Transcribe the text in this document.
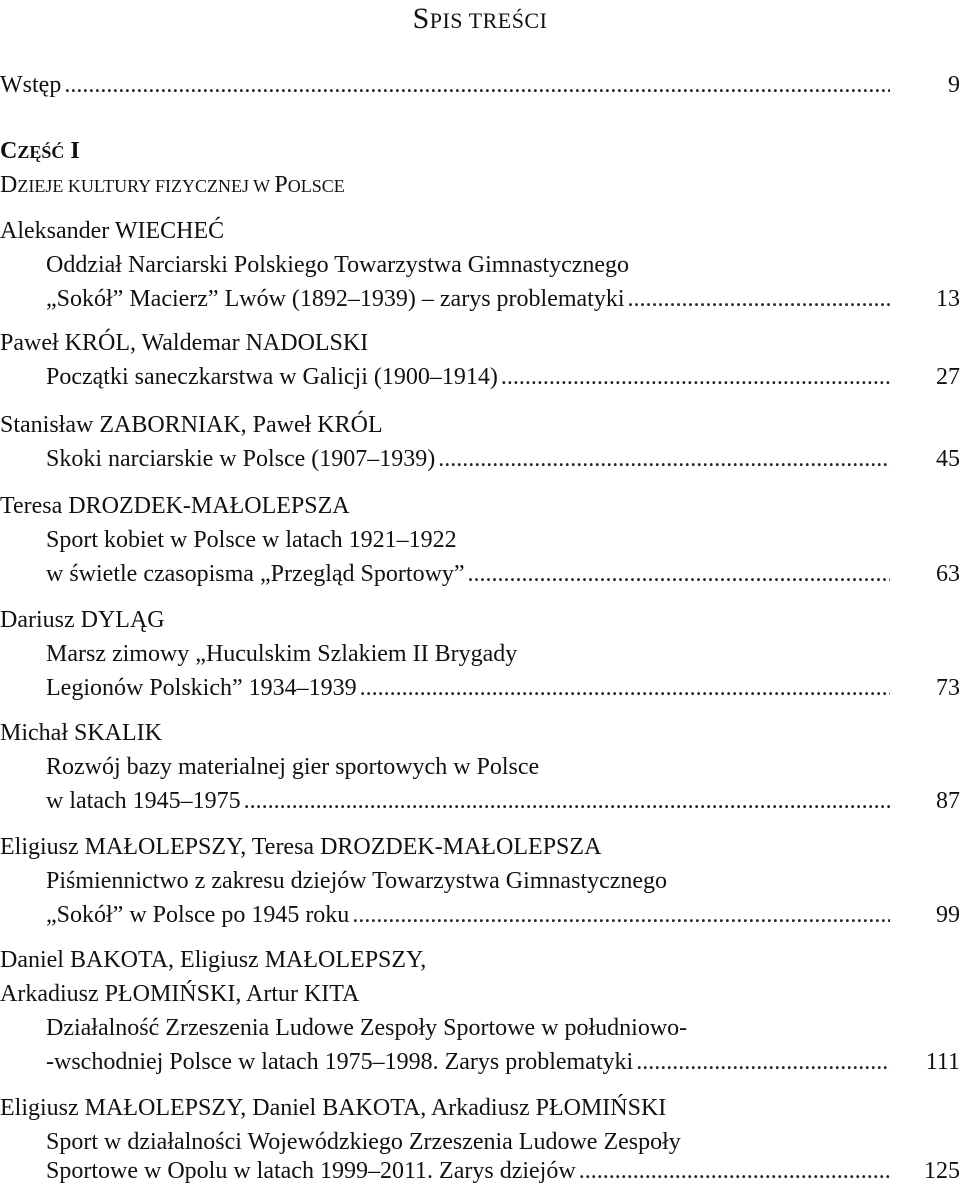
SPIS TREŚCI
Wstęp .....	9
CZĘŚĆ I
DZIEJE KULTURY FIZYCZNEJ W POLSCE
Aleksander WIECHEĆ
Oddział Narciarski Polskiego Towarzystwa Gimnastycznego
„Sokół” Macierz” Lwów (1892–1939) – zarys problematyki .....	13
Paweł KRÓL, Waldemar NADOLSKI
Początki saneczkarstwa w Galicji (1900–1914) .....	27
Stanisław ZABORNIAK, Paweł KRÓL
Skoki narciarskie w Polsce (1907–1939) .....	45
Teresa DROZDEK-MAŁOLEPSZA
Sport kobiet w Polsce w latach 1921–1922
w świetle czasopisma „Przegląd Sportowy” .....	63
Dariusz DYLĄG
Marsz zimowy „Huculskim Szlakiem II Brygady
Legionów Polskich” 1934–1939 .....	73
Michał SKALIK
Rozwój bazy materialnej gier sportowych w Polsce
w latach 1945–1975 .....	87
Eligiusz MAŁOLEPSZY, Teresa DROZDEK-MAŁOLEPSZA
Piśmiennictwo z zakresu dziejów Towarzystwa Gimnastycznego
„Sokół” w Polsce po 1945 roku .....	99
Daniel BAKOTA, Eligiusz MAŁOLEPSZY,
Arkadiusz PŁOMIŃSKI, Artur KITA
Działalność Zrzeszenia Ludowe Zespoły Sportowe w południowo-
-wschodniej Polsce w latach 1975–1998. Zarys problematyki .....	111
Eligiusz MAŁOLEPSZY, Daniel BAKOTA, Arkadiusz PŁOMIŃSKI
Sport w działalności Wojewódzkiego Zrzeszenia Ludowe Zespoły
Sportowe w Opolu w latach 1999–2011. Zarys dziejów .....	125
